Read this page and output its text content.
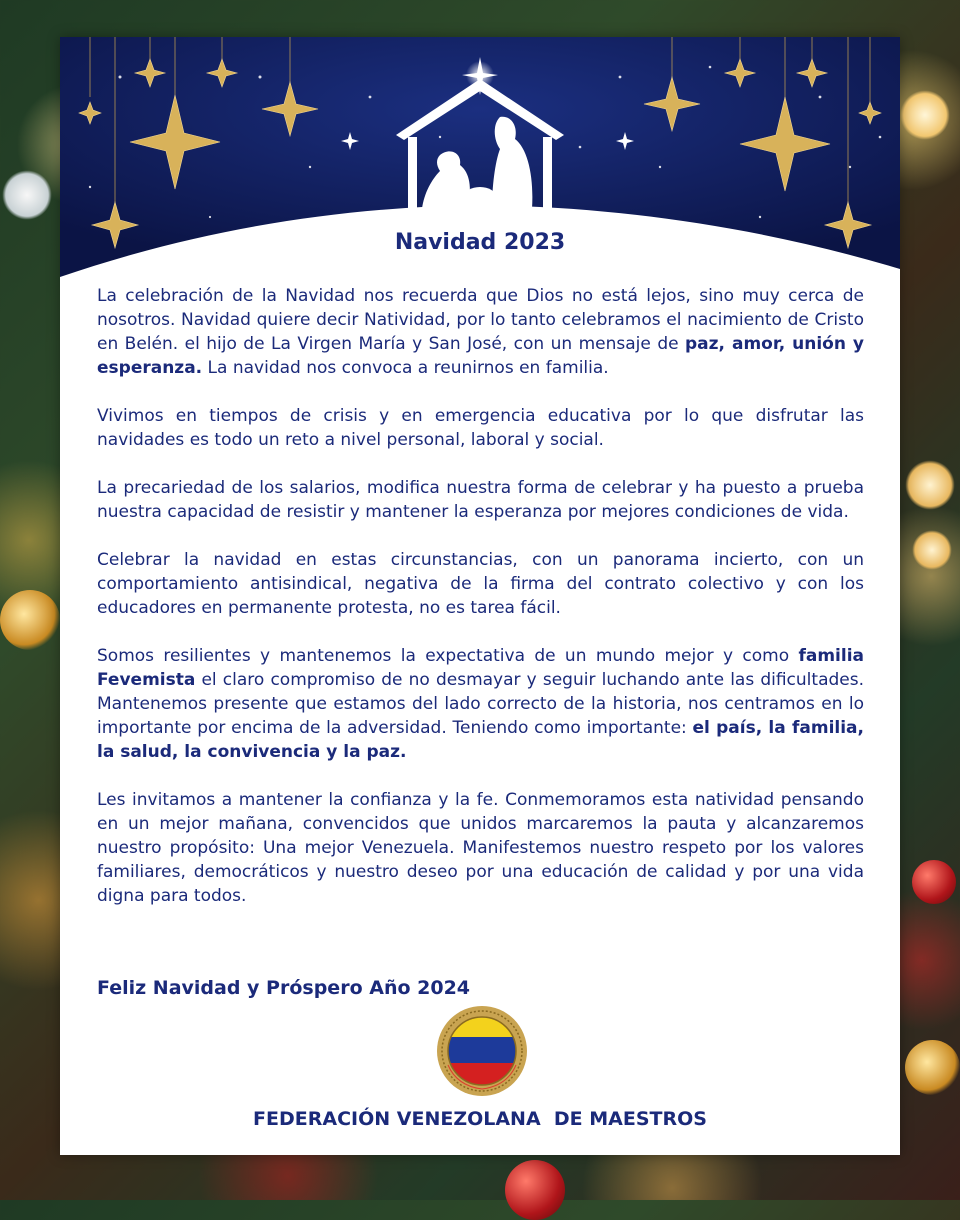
Navidad 2023

La celebración de la Navidad nos recuerda que Dios no está lejos, sino muy cerca de nosotros. Navidad quiere decir Natividad, por lo tanto celebramos el nacimiento de Cristo en Belén. el hijo de La Virgen María y San José, con un mensaje de paz, amor, unión y esperanza. La navidad nos convoca a reunirnos en familia.

Vivimos en tiempos de crisis y en emergencia educativa por lo que disfrutar las navidades es todo un reto a nivel personal, laboral y social.

La precariedad de los salarios, modifica nuestra forma de celebrar y ha puesto a prueba nuestra capacidad de resistir y mantener la esperanza por mejores condiciones de vida.

Celebrar la navidad en estas circunstancias, con un panorama incierto, con un comportamiento antisindical, negativa de la firma del contrato colectivo y con los educadores en permanente protesta, no es tarea fácil.

Somos resilientes y mantenemos la expectativa de un mundo mejor y como familia Fevemista el claro compromiso de no desmayar y seguir luchando ante las dificultades. Mantenemos presente que estamos del lado correcto de la historia, nos centramos en lo importante por encima de la adversidad. Teniendo como importante: el país, la familia, la salud, la convivencia y la paz.

Les invitamos a mantener la confianza y la fe. Conmemoramos esta natividad pensando en un mejor mañana, convencidos que unidos marcaremos la pauta y alcanzaremos nuestro propósito: Una mejor Venezuela. Manifestemos nuestro respeto por los valores familiares, democráticos y nuestro deseo por una educación de calidad y por una vida digna para todos.

Feliz Navidad y Próspero Año 2024
FEDERACIÓN VENEZOLANA  DE MAESTROS
